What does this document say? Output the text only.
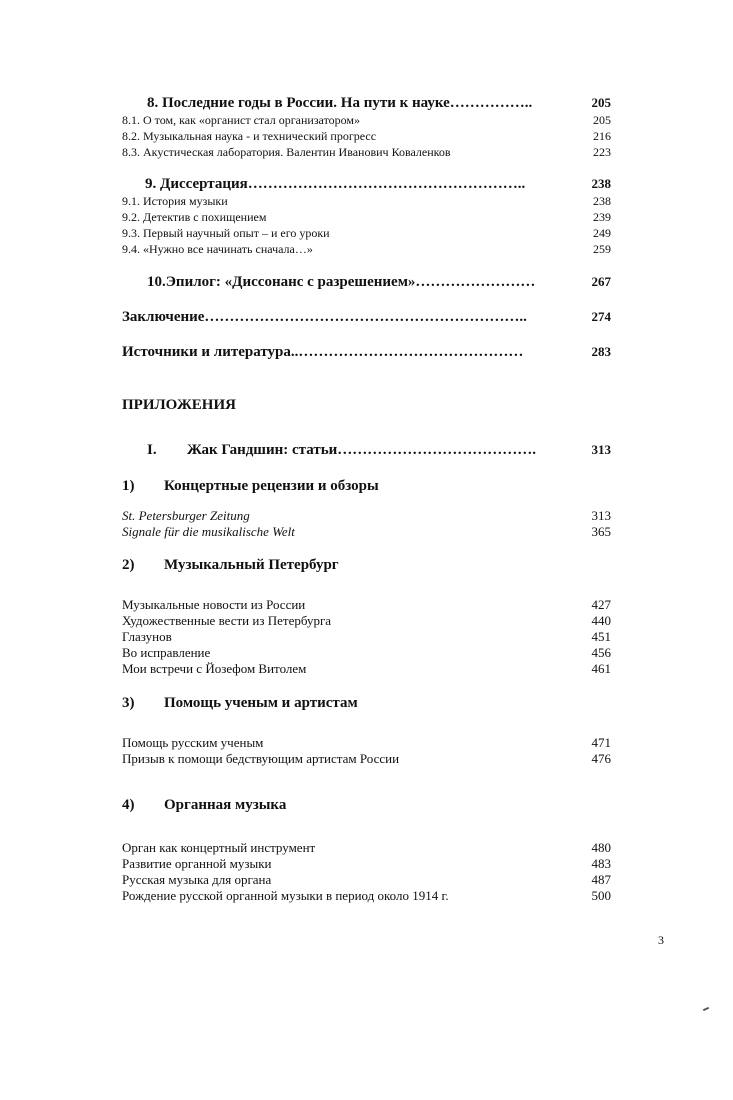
8. Последние годы в России. На пути к науке……………..	205
8.1. О том, как «органист стал организатором»	205
8.2. Музыкальная наука - и технический прогресс	216
8.3. Акустическая лаборатория. Валентин Иванович Коваленков	223
9. Диссертация………………………………………………..	238
9.1. История музыки	238
9.2. Детектив с похищением	239
9.3. Первый научный опыт – и его уроки	249
9.4. «Нужно все начинать сначала…»	259
10.Эпилог: «Диссонанс с разрешением»……………………	267
Заключение………………………………………………………..	274
Источники и литература..………………………………………	283
ПРИЛОЖЕНИЯ
I. Жак Гандшин: статьи………………………………….	313
1) Концертные рецензии и обзоры
St. Petersburger Zeitung	313
Signale für die musikalische Welt	365
2) Музыкальный Петербург
Музыкальные новости из России	427
Художественные вести из Петербурга	440
Глазунов	451
Во исправление	456
Мои встречи с Йозефом Витолем	461
3) Помощь ученым и артистам
Помощь русским ученым	471
Призыв к помощи бедствующим артистам России	476
4) Органная музыка
Орган как концертный инструмент	480
Развитие органной музыки	483
Русская музыка для органа	487
Рождение русской органной музыки в период около 1914 г.	500
3
